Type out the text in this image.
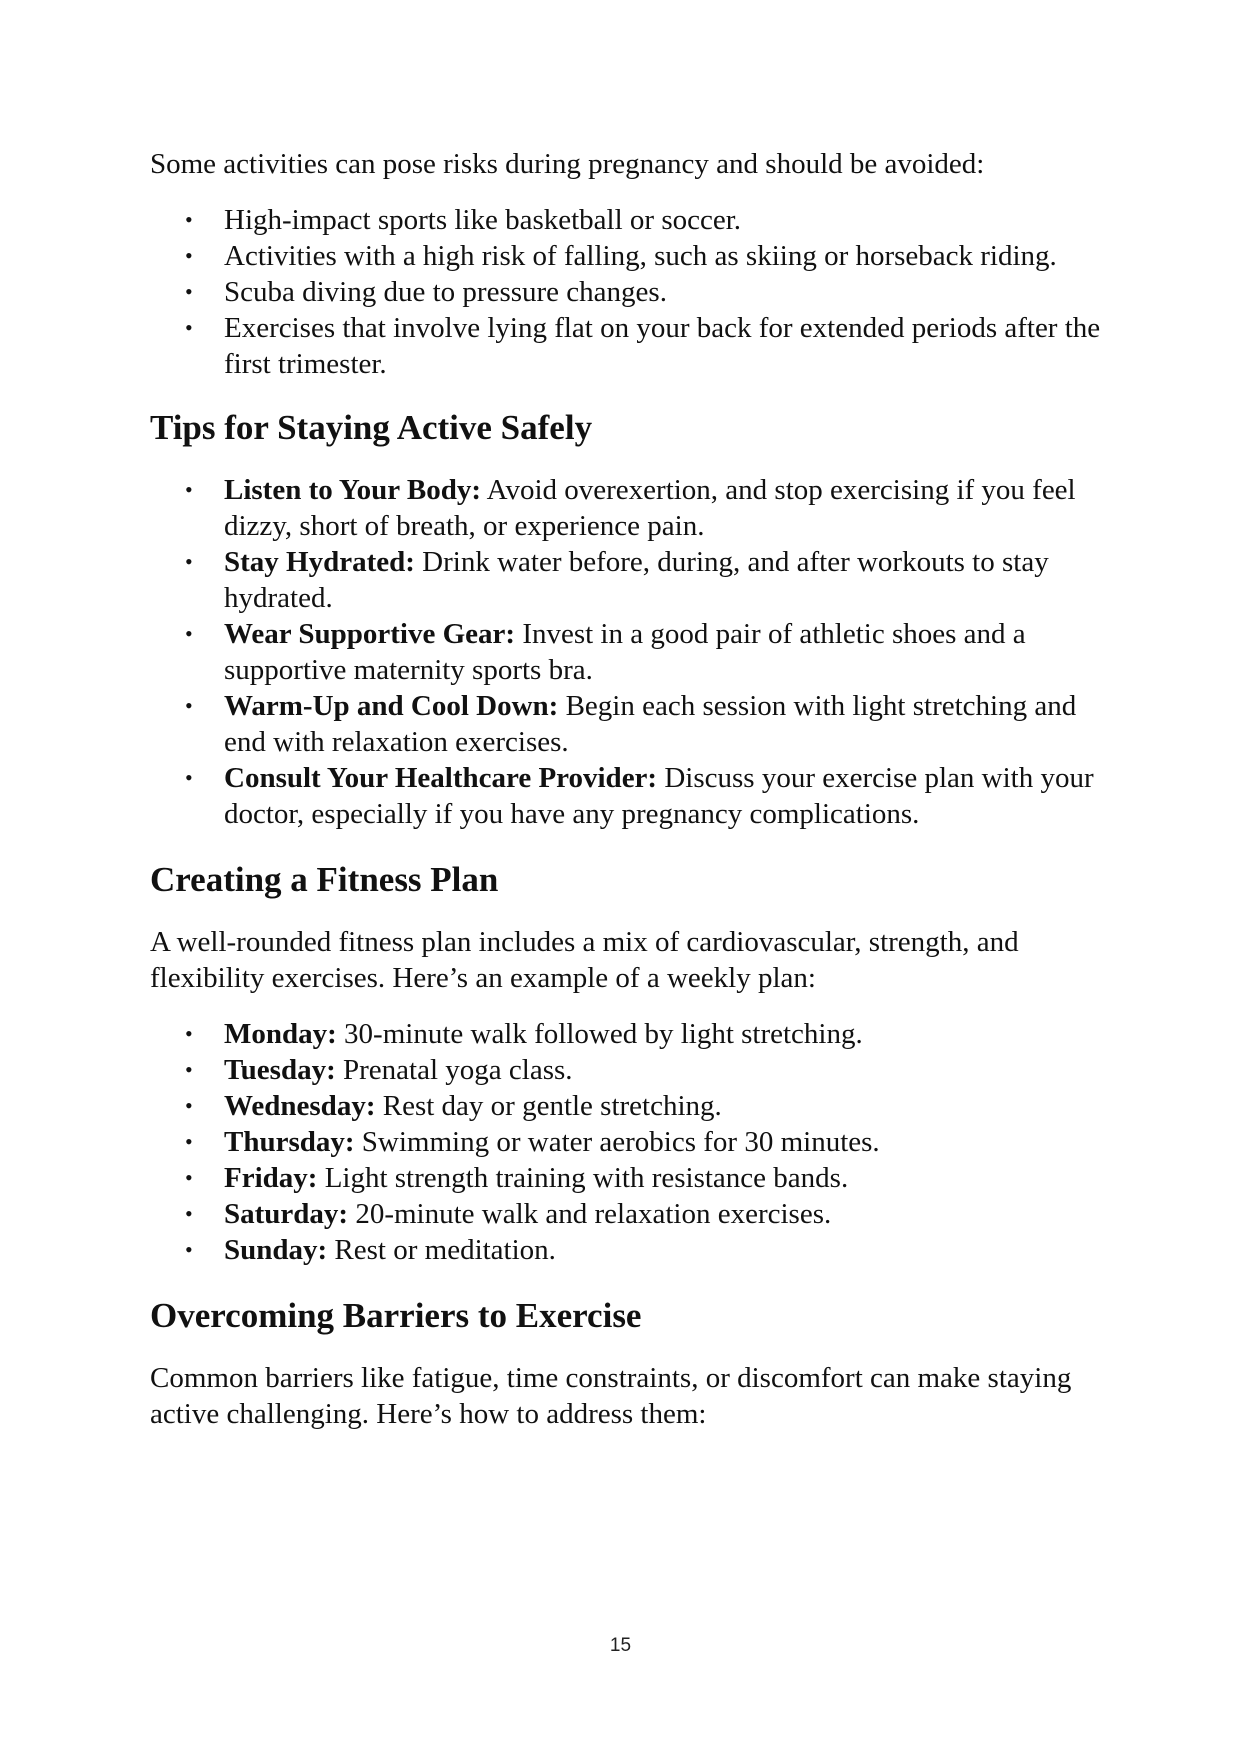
Some activities can pose risks during pregnancy and should be avoided:

• High-impact sports like basketball or soccer.
• Activities with a high risk of falling, such as skiing or horseback riding.
• Scuba diving due to pressure changes.
• Exercises that involve lying flat on your back for extended periods after the first trimester.
Tips for Staying Active Safely
• Listen to Your Body: Avoid overexertion, and stop exercising if you feel dizzy, short of breath, or experience pain.
• Stay Hydrated: Drink water before, during, and after workouts to stay hydrated.
• Wear Supportive Gear: Invest in a good pair of athletic shoes and a supportive maternity sports bra.
• Warm-Up and Cool Down: Begin each session with light stretching and end with relaxation exercises.
• Consult Your Healthcare Provider: Discuss your exercise plan with your doctor, especially if you have any pregnancy complications.
Creating a Fitness Plan

A well-rounded fitness plan includes a mix of cardiovascular, strength, and flexibility exercises. Here’s an example of a weekly plan:

• Monday: 30-minute walk followed by light stretching.
• Tuesday: Prenatal yoga class.
• Wednesday: Rest day or gentle stretching.
• Thursday: Swimming or water aerobics for 30 minutes.
• Friday: Light strength training with resistance bands.
• Saturday: 20-minute walk and relaxation exercises.
• Sunday: Rest or meditation.
Overcoming Barriers to Exercise

Common barriers like fatigue, time constraints, or discomfort can make staying active challenging. Here’s how to address them:

15
